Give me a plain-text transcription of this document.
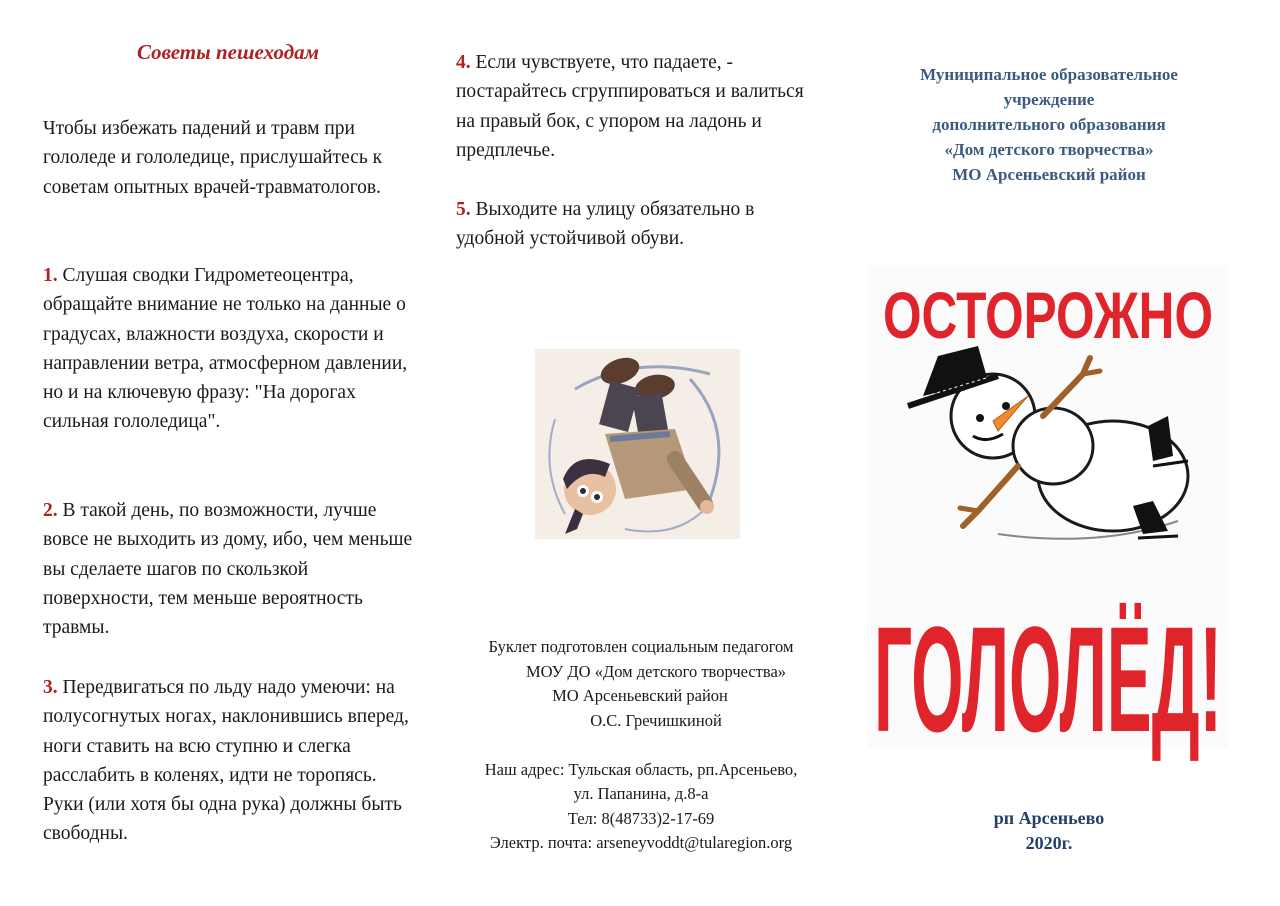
Советы пешеходам

Чтобы избежать падений и травм при гололеде и гололедице, прислушайтесь к советам опытных врачей-травматологов.

1. Слушая сводки Гидрометеоцентра, обращайте внимание не только на данные о градусах, влажности воздуха, скорости и направлении ветра, атмосферном давлении, но и на ключевую фразу: "На дорогах сильная гололедица".

2. В такой день, по возможности, лучше вовсе не выходить из дому, ибо, чем меньше вы сделаете шагов по скользкой поверхности, тем меньше вероятность травмы.

3. Передвигаться по льду надо умеючи: на полусогнутых ногах, наклонившись вперед, ноги ставить на всю ступню и слегка расслабить в коленях, идти не торопясь. Руки (или хотя бы одна рука) должны быть свободны.

4. Если чувствуете, что падаете, - постарайтесь сгруппироваться и валиться на правый бок, с упором на ладонь и предплечье.

5. Выходите на улицу обязательно в удобной устойчивой обуви.

Буклет подготовлен социальным педагогом
МОУ ДО «Дом детского творчества»
МО Арсеньевский район
О.С. Гречишкиной

Наш адрес: Тульская область, рп.Арсеньево,
ул. Папанина, д.8-а
Тел: 8(48733)2-17-69
Электр. почта: arseneyvoddt@tularegion.org

Муниципальное образовательное
учреждение
дополнительного образования
«Дом детского творчества»
МО Арсеньевский район

ОСТОРОЖНО
ГОЛОЛЁД!

рп Арсеньево
2020г.
